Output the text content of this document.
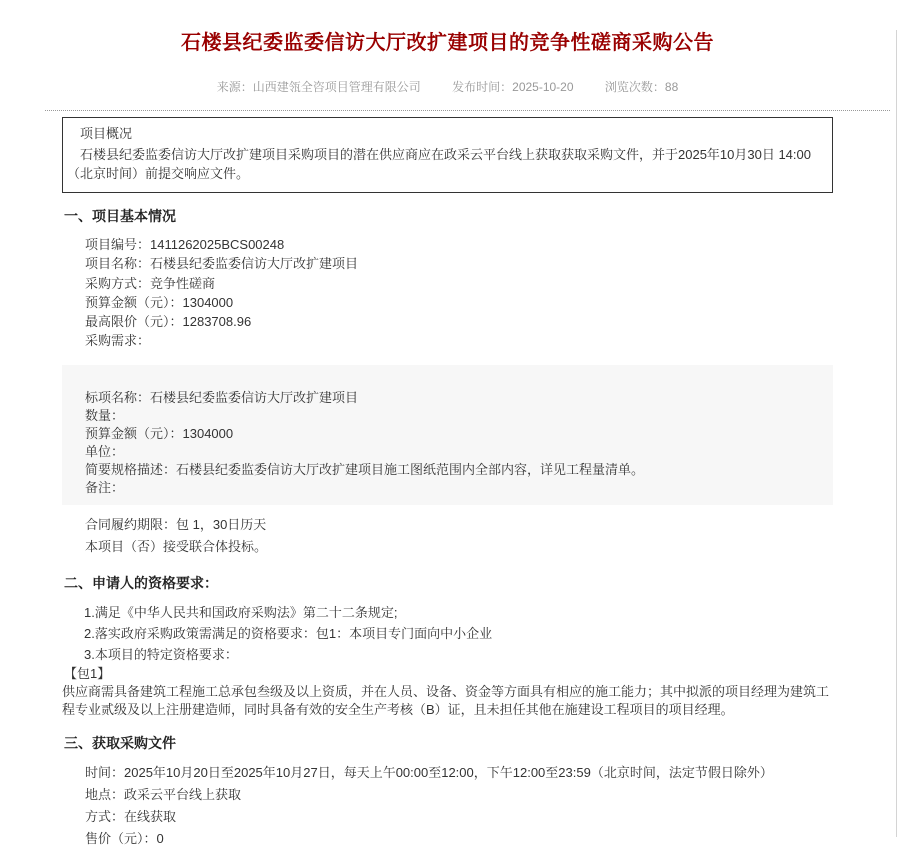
石楼县纪委监委信访大厅改扩建项目的竞争性磋商采购公告
来源：山西建瓴全咨项目管理有限公司	发布时间：2025-10-20	浏览次数：88
项目概况
石楼县纪委监委信访大厅改扩建项目采购项目的潜在供应商应在政采云平台线上获取获取采购文件，并于2025年10月30日 14:00（北京时间）前提交响应文件。
一、项目基本情况
项目编号：1411262025BCS00248
项目名称：石楼县纪委监委信访大厅改扩建项目
采购方式：竞争性磋商
预算金额（元）：1304000
最高限价（元）：1283708.96
采购需求：
标项名称：石楼县纪委监委信访大厅改扩建项目
数量：
预算金额（元）：1304000
单位：
简要规格描述：石楼县纪委监委信访大厅改扩建项目施工图纸范围内全部内容，详见工程量清单。
备注：
合同履约期限：包 1，30日历天
本项目（否）接受联合体投标。
二、申请人的资格要求：
1.满足《中华人民共和国政府采购法》第二十二条规定;
2.落实政府采购政策需满足的资格要求：包1：本项目专门面向中小企业
3.本项目的特定资格要求：
【包1】
供应商需具备建筑工程施工总承包叁级及以上资质，并在人员、设备、资金等方面具有相应的施工能力；其中拟派的项目经理为建筑工程专业贰级及以上注册建造师，同时具备有效的安全生产考核（B）证，且未担任其他在施建设工程项目的项目经理。
三、获取采购文件
时间：2025年10月20日至2025年10月27日，每天上午00:00至12:00，下午12:00至23:59（北京时间，法定节假日除外）
地点：政采云平台线上获取
方式：在线获取
售价（元）：0
